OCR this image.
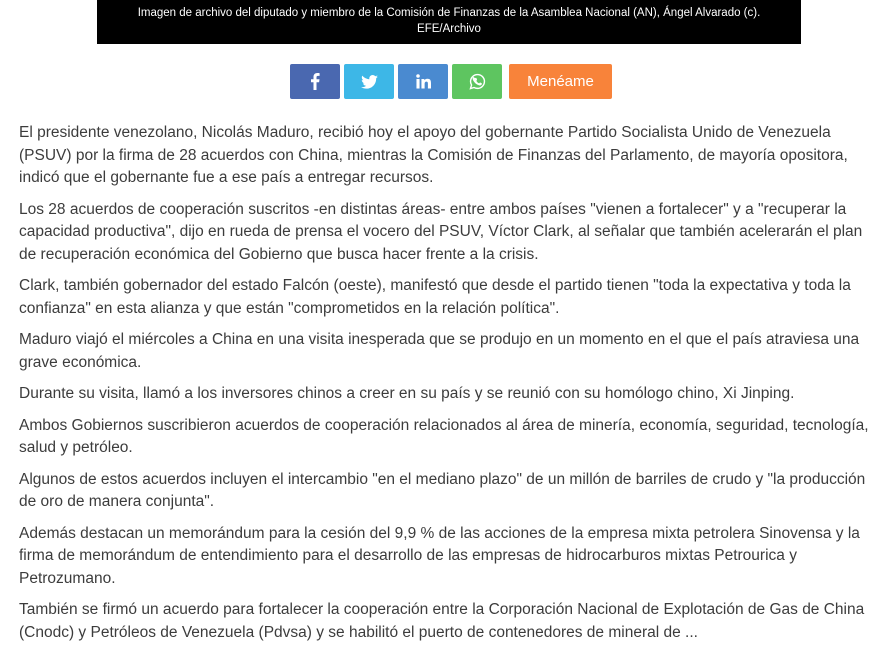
Imagen de archivo del diputado y miembro de la Comisión de Finanzas de la Asamblea Nacional (AN), Ángel Alvarado (c).
EFE/Archivo
Menéame

El presidente venezolano, Nicolás Maduro, recibió hoy el apoyo del gobernante Partido Socialista Unido de Venezuela (PSUV) por la firma de 28 acuerdos con China, mientras la Comisión de Finanzas del Parlamento, de mayoría opositora, indicó que el gobernante fue a ese país a entregar recursos.

Los 28 acuerdos de cooperación suscritos -en distintas áreas- entre ambos países "vienen a fortalecer" y a "recuperar la capacidad productiva", dijo en rueda de prensa el vocero del PSUV, Víctor Clark, al señalar que también acelerarán el plan de recuperación económica del Gobierno que busca hacer frente a la crisis.

Clark, también gobernador del estado Falcón (oeste), manifestó que desde el partido tienen "toda la expectativa y toda la confianza" en esta alianza y que están "comprometidos en la relación política".

Maduro viajó el miércoles a China en una visita inesperada que se produjo en un momento en el que el país atraviesa una grave económica.

Durante su visita, llamó a los inversores chinos a creer en su país y se reunió con su homólogo chino, Xi Jinping.

Ambos Gobiernos suscribieron acuerdos de cooperación relacionados al área de minería, economía, seguridad, tecnología, salud y petróleo.

Algunos de estos acuerdos incluyen el intercambio "en el mediano plazo" de un millón de barriles de crudo y "la producción de oro de manera conjunta".

Además destacan un memorándum para la cesión del 9,9 % de las acciones de la empresa mixta petrolera Sinovensa y la firma de memorándum de entendimiento para el desarrollo de las empresas de hidrocarburos mixtas Petrourica y Petrozumano.

También se firmó un acuerdo para fortalecer la cooperación entre la Corporación Nacional de Explotación de Gas de China (Cnodc) y Petróleos de Venezuela (Pdvsa) y se habilitó el puerto de contenedores de mineral de ...
